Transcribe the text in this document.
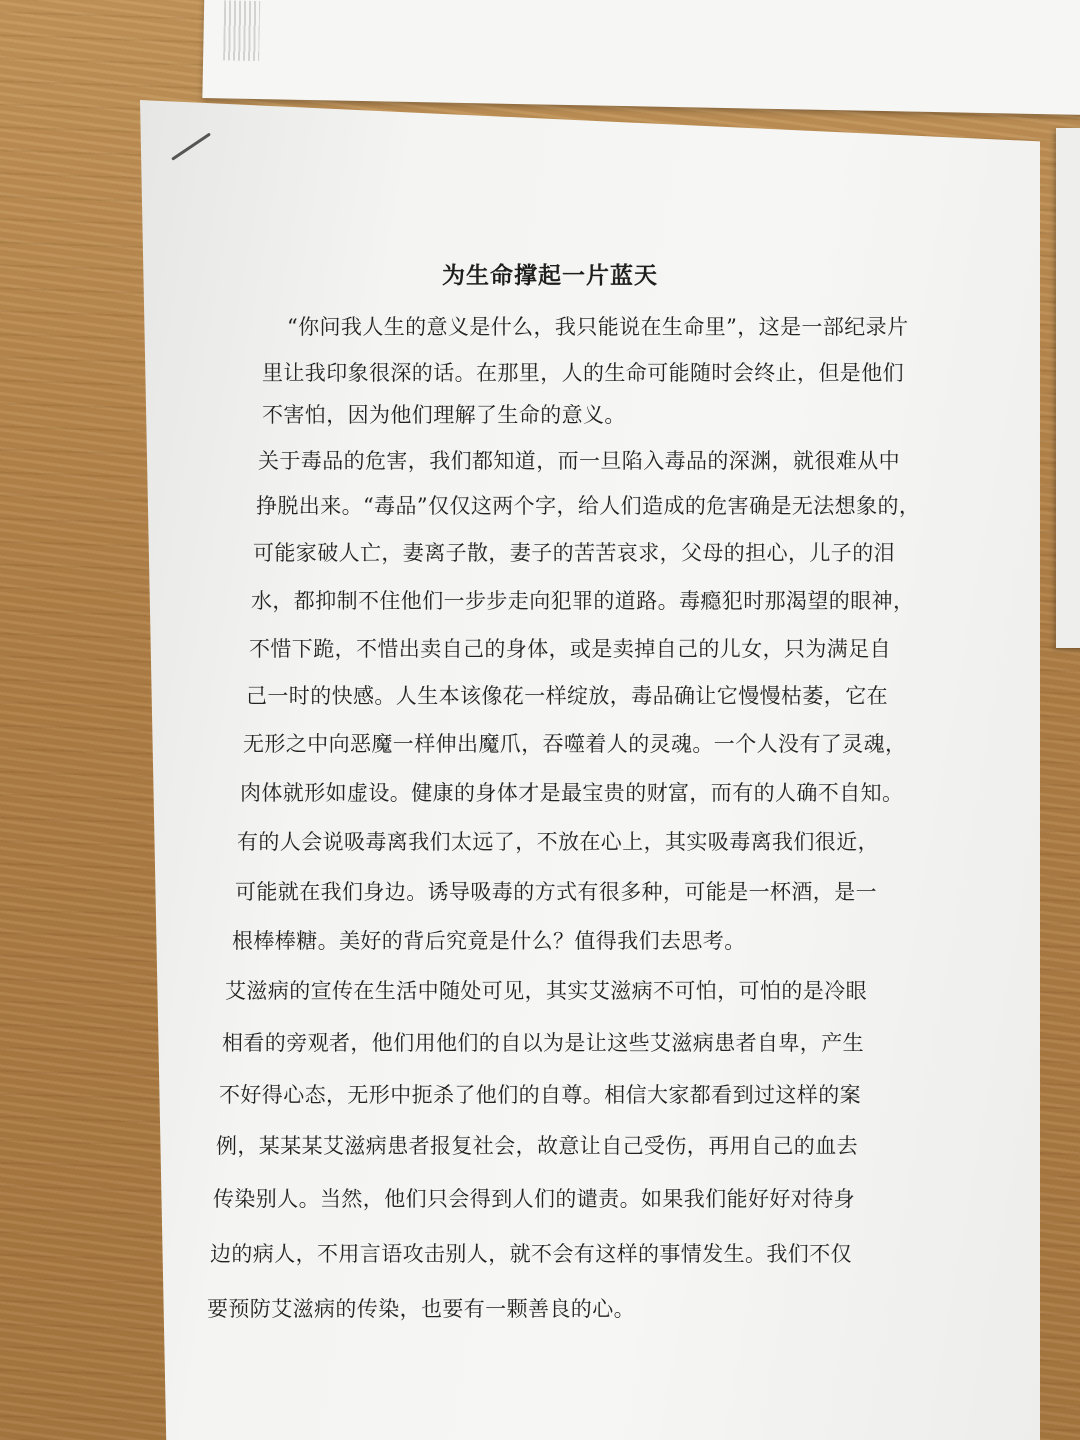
为生命撑起一片蓝天

“你问我人生的意义是什么，我只能说在生命里”，这是一部纪录片

里让我印象很深的话。在那里，人的生命可能随时会终止，但是他们

不害怕，因为他们理解了生命的意义。

关于毒品的危害，我们都知道，而一旦陷入毒品的深渊，就很难从中

挣脱出来。“毒品”仅仅这两个字，给人们造成的危害确是无法想象的，

可能家破人亡，妻离子散，妻子的苦苦哀求，父母的担心，儿子的泪

水，都抑制不住他们一步步走向犯罪的道路。毒瘾犯时那渴望的眼神，

不惜下跪，不惜出卖自己的身体，或是卖掉自己的儿女，只为满足自

己一时的快感。人生本该像花一样绽放，毒品确让它慢慢枯萎，它在

无形之中向恶魔一样伸出魔爪，吞噬着人的灵魂。一个人没有了灵魂，

肉体就形如虚设。健康的身体才是最宝贵的财富，而有的人确不自知。

有的人会说吸毒离我们太远了，不放在心上，其实吸毒离我们很近，

可能就在我们身边。诱导吸毒的方式有很多种，可能是一杯酒，是一

根棒棒糖。美好的背后究竟是什么？值得我们去思考。

艾滋病的宣传在生活中随处可见，其实艾滋病不可怕，可怕的是冷眼

相看的旁观者，他们用他们的自以为是让这些艾滋病患者自卑，产生

不好得心态，无形中扼杀了他们的自尊。相信大家都看到过这样的案

例，某某某艾滋病患者报复社会，故意让自己受伤，再用自己的血去

传染别人。当然，他们只会得到人们的谴责。如果我们能好好对待身

边的病人，不用言语攻击别人，就不会有这样的事情发生。我们不仅

要预防艾滋病的传染，也要有一颗善良的心。
